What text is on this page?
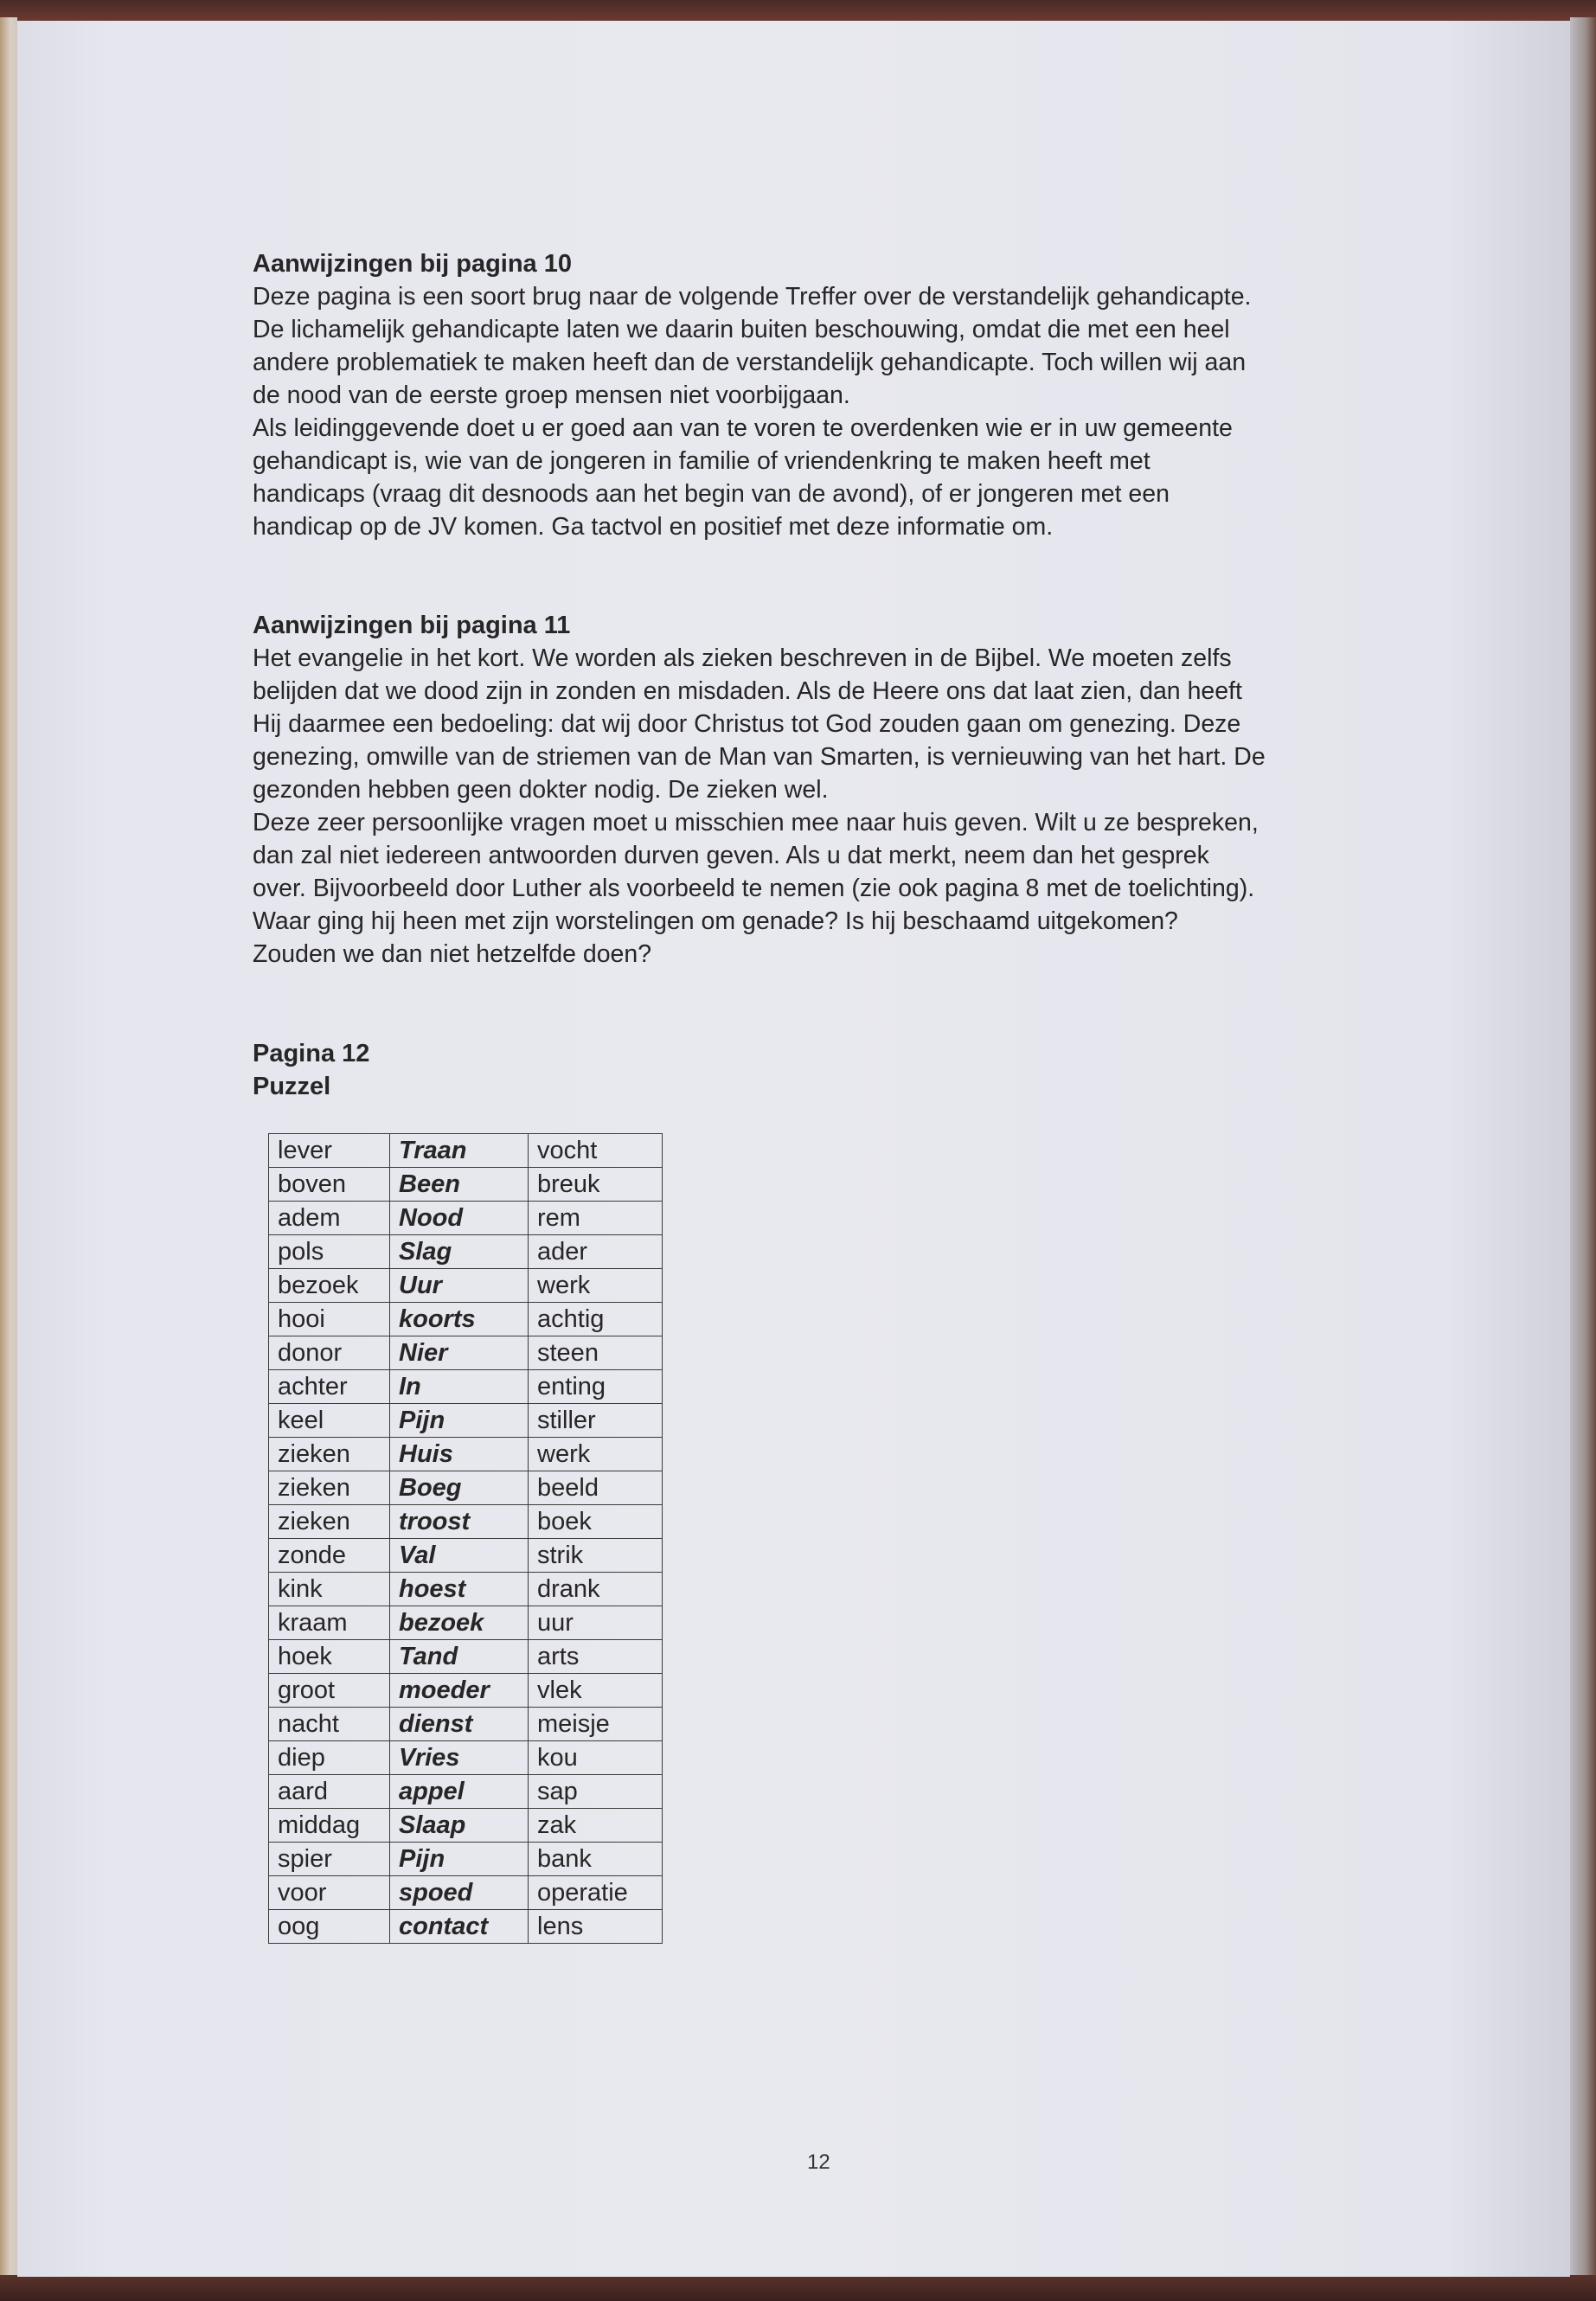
Aanwijzingen bij pagina 10

Deze pagina is een soort brug naar de volgende Treffer over de verstandelijk gehandicapte.

De lichamelijk gehandicapte laten we daarin buiten beschouwing, omdat die met een heel

andere problematiek te maken heeft dan de verstandelijk gehandicapte. Toch willen wij aan

de nood van de eerste groep mensen niet voorbijgaan.

Als leidinggevende doet u er goed aan van te voren te overdenken wie er in uw gemeente

gehandicapt is, wie van de jongeren in familie of vriendenkring te maken heeft met

handicaps (vraag dit desnoods aan het begin van de avond), of er jongeren met een

handicap op de JV komen. Ga tactvol en positief met deze informatie om.

Aanwijzingen bij pagina 11

Het evangelie in het kort. We worden als zieken beschreven in de Bijbel. We moeten zelfs

belijden dat we dood zijn in zonden en misdaden. Als de Heere ons dat laat zien, dan heeft

Hij daarmee een bedoeling: dat wij door Christus tot God zouden gaan om genezing. Deze

genezing, omwille van de striemen van de Man van Smarten, is vernieuwing van het hart. De

gezonden hebben geen dokter nodig. De zieken wel.

Deze zeer persoonlijke vragen moet u misschien mee naar huis geven. Wilt u ze bespreken,

dan zal niet iedereen antwoorden durven geven. Als u dat merkt, neem dan het gesprek

over. Bijvoorbeeld door Luther als voorbeeld te nemen (zie ook pagina 8 met de toelichting).

Waar ging hij heen met zijn worstelingen om genade? Is hij beschaamd uitgekomen?

Zouden we dan niet hetzelfde doen?

Pagina 12

Puzzel

lever	Traan	vocht
boven	Been	breuk
adem	Nood	rem
pols	Slag	ader
bezoek	Uur	werk
hooi	koorts	achtig
donor	Nier	steen
achter	In	enting
keel	Pijn	stiller
zieken	Huis	werk
zieken	Boeg	beeld
zieken	troost	boek
zonde	Val	strik
kink	hoest	drank
kraam	bezoek	uur
hoek	Tand	arts
groot	moeder	vlek
nacht	dienst	meisje
diep	Vries	kou
aard	appel	sap
middag	Slaap	zak
spier	Pijn	bank
voor	spoed	operatie
oog	contact	lens
12
